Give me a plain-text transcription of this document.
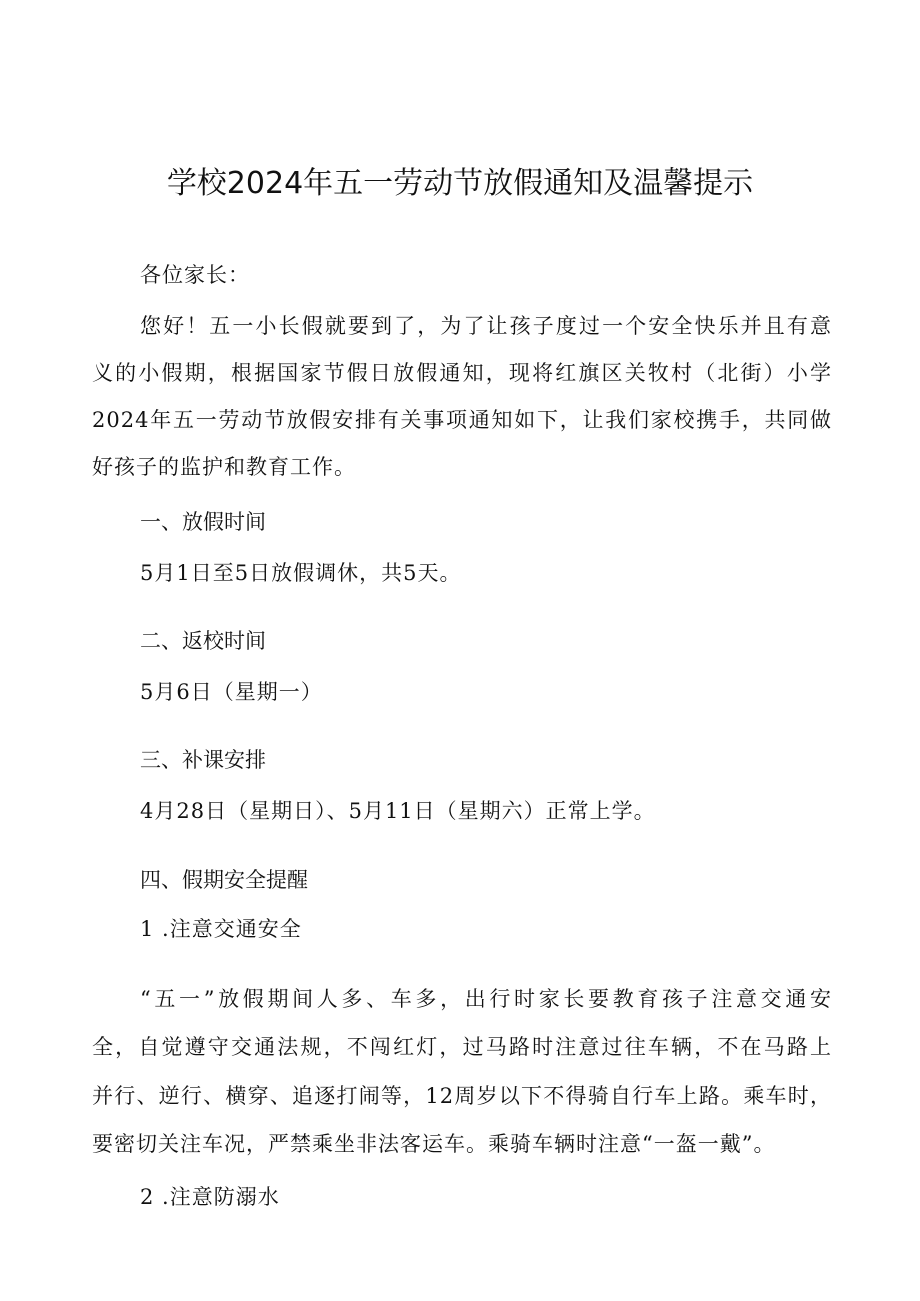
学校2024年五一劳动节放假通知及温馨提示
各位家长：
您好！五一小长假就要到了，为了让孩子度过一个安全快乐并且有意
义的小假期，根据国家节假日放假通知，现将红旗区关牧村（北街）小学
2024年五一劳动节放假安排有关事项通知如下，让我们家校携手，共同做
好孩子的监护和教育工作。
一、放假时间
5月1日至5日放假调休，共5天。
二、返校时间
5月6日（星期一）
三、补课安排
4月28日（星期日）、5月11日（星期六）正常上学。
四、假期安全提醒
1 .注意交通安全
“五一”放假期间人多、车多，出行时家长要教育孩子注意交通安
全，自觉遵守交通法规，不闯红灯，过马路时注意过往车辆，不在马路上
并行、逆行、横穿、追逐打闹等，12周岁以下不得骑自行车上路。乘车时，
要密切关注车况，严禁乘坐非法客运车。乘骑车辆时注意“一盔一戴”。
2 .注意防溺水
